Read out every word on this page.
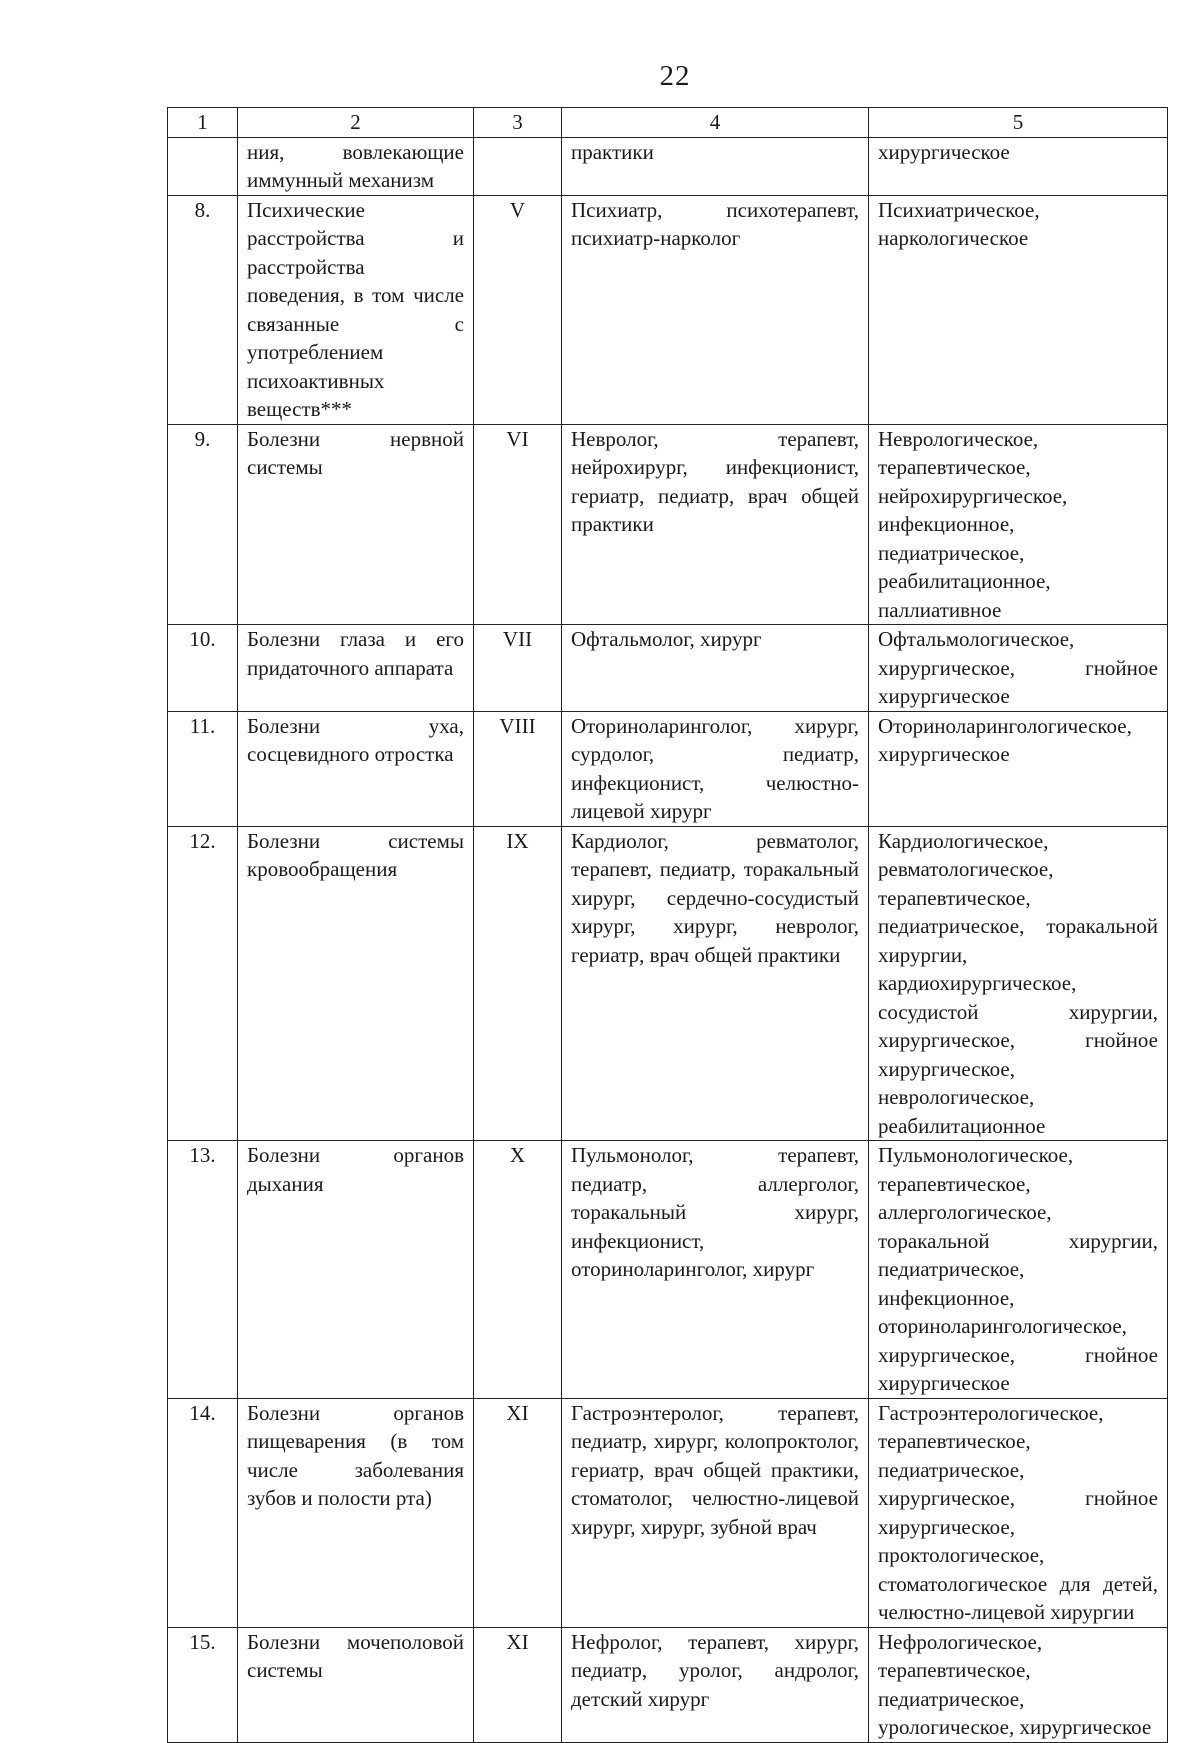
22
1	2	3	4	5

	ния, вовлекающие иммунный механизм		практики	хирургическое

8.	Психические расстройства и расстройства поведения, в том числе связанные с употреблением психоактивных веществ***	V	Психиатр, психотерапевт, психиатр-нарколог	Психиатрическое, наркологическое

9.	Болезни нервной системы	VI	Невролог, терапевт, нейрохирург, инфекционист, гериатр, педиатр, врач общей практики	Неврологическое, терапевтическое, нейрохирургическое, инфекционное, педиатрическое, реабилитационное, паллиативное

10.	Болезни глаза и его придаточного аппарата	VII	Офтальмолог, хирург	Офтальмологическое, хирургическое, гнойное хирургическое

11.	Болезни уха, сосцевидного отростка	VIII	Оториноларинголог, хирург, сурдолог, педиатр, инфекционист, челюстно-лицевой хирург	Оториноларингологическое, хирургическое

12.	Болезни системы кровообращения	IX	Кардиолог, ревматолог, терапевт, педиатр, торакальный хирург, сердечно-сосудистый хирург, хирург, невролог, гериатр, врач общей практики	Кардиологическое, ревматологическое, терапевтическое, педиатрическое, торакальной хирургии, кардиохирургическое, сосудистой хирургии, хирургическое, гнойное хирургическое, неврологическое, реабилитационное

13.	Болезни органов дыхания	X	Пульмонолог, терапевт, педиатр, аллерголог, торакальный хирург, инфекционист, оториноларинголог, хирург	Пульмонологическое, терапевтическое, аллергологическое, торакальной хирургии, педиатрическое, инфекционное, оториноларингологическое, хирургическое, гнойное хирургическое

14.	Болезни органов пищеварения (в том числе заболевания зубов и полости рта)	XI	Гастроэнтеролог, терапевт, педиатр, хирург, колопроктолог, гериатр, врач общей практики, стоматолог, челюстно-лицевой хирург, хирург, зубной врач	Гастроэнтерологическое, терапевтическое, педиатрическое, хирургическое, гнойное хирургическое, проктологическое, стоматологическое для детей, челюстно-лицевой хирургии

15.	Болезни мочеполовой системы	XI	Нефролог, терапевт, хирург, педиатр, уролог, андролог, детский хирург	Нефрологическое, терапевтическое, педиатрическое, урологическое, хирургическое
